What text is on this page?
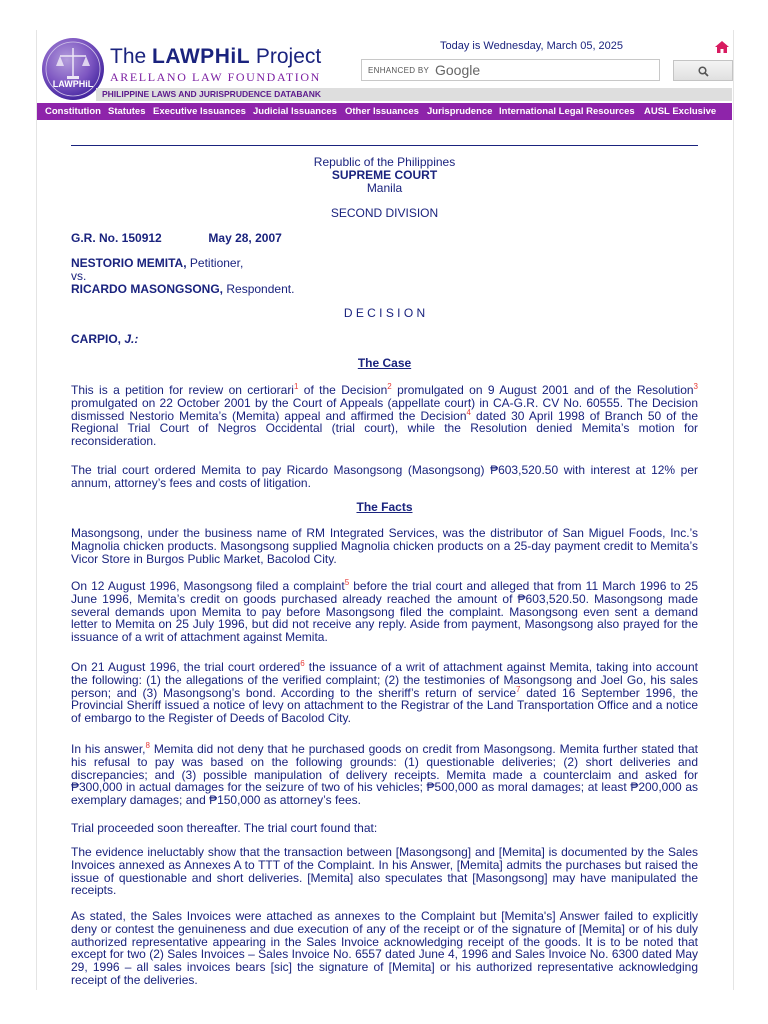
LAWPHiL
The LAWPHiL Project
ARELLANO LAW FOUNDATION
PHILIPPINE LAWS AND JURISPRUDENCE DATABANK
Today is Wednesday, March 05, 2025
ENHANCED BY Google
Constitution Statutes Executive Issuances Judicial Issuances Other Issuances Jurisprudence International Legal Resources AUSL Exclusive
Republic of the Philippines
SUPREME COURT
Manila
SECOND DIVISION
G.R. No. 150912	May 28, 2007
NESTORIO MEMITA, Petitioner,
vs.
RICARDO MASONGSONG, Respondent.
D E C I S I O N
CARPIO, J.:
The Case
This is a petition for review on certiorari$^1$ of the Decision$^2$ promulgated on 9 August 2001 and of the Resolution$^3$ promulgated on 22 October 2001 by the Court of Appeals (appellate court) in CA-G.R. CV No. 60555. The Decision dismissed Nestorio Memita’s (Memita) appeal and affirmed the Decision$^4$ dated 30 April 1998 of Branch 50 of the Regional Trial Court of Negros Occidental (trial court), while the Resolution denied Memita’s motion for reconsideration.
The trial court ordered Memita to pay Ricardo Masongsong (Masongsong) ₱603,520.50 with interest at 12% per annum, attorney’s fees and costs of litigation.
The Facts
Masongsong, under the business name of RM Integrated Services, was the distributor of San Miguel Foods, Inc.’s Magnolia chicken products. Masongsong supplied Magnolia chicken products on a 25-day payment credit to Memita’s Vicor Store in Burgos Public Market, Bacolod City.
On 12 August 1996, Masongsong filed a complaint$^5$ before the trial court and alleged that from 11 March 1996 to 25 June 1996, Memita’s credit on goods purchased already reached the amount of ₱603,520.50. Masongsong made several demands upon Memita to pay before Masongsong filed the complaint. Masongsong even sent a demand letter to Memita on 25 July 1996, but did not receive any reply. Aside from payment, Masongsong also prayed for the issuance of a writ of attachment against Memita.
On 21 August 1996, the trial court ordered$^6$ the issuance of a writ of attachment against Memita, taking into account the following: (1) the allegations of the verified complaint; (2) the testimonies of Masongsong and Joel Go, his sales person; and (3) Masongsong’s bond. According to the sheriff’s return of service$^7$ dated 16 September 1996, the Provincial Sheriff issued a notice of levy on attachment to the Registrar of the Land Transportation Office and a notice of embargo to the Register of Deeds of Bacolod City.
In his answer,$^8$ Memita did not deny that he purchased goods on credit from Masongsong. Memita further stated that his refusal to pay was based on the following grounds: (1) questionable deliveries; (2) short deliveries and discrepancies; and (3) possible manipulation of delivery receipts. Memita made a counterclaim and asked for ₱300,000 in actual damages for the seizure of two of his vehicles; ₱500,000 as moral damages; at least ₱200,000 as exemplary damages; and ₱150,000 as attorney’s fees.
Trial proceeded soon thereafter. The trial court found that:
The evidence ineluctably show that the transaction between [Masongsong] and [Memita] is documented by the Sales Invoices annexed as Annexes A to TTT of the Complaint. In his Answer, [Memita] admits the purchases but raised the issue of questionable and short deliveries. [Memita] also speculates that [Masongsong] may have manipulated the receipts.
As stated, the Sales Invoices were attached as annexes to the Complaint but [Memita's] Answer failed to explicitly deny or contest the genuineness and due execution of any of the receipt or of the signature of [Memita] or of his duly authorized representative appearing in the Sales Invoice acknowledging receipt of the goods. It is to be noted that except for two (2) Sales Invoices – Sales Invoice No. 6557 dated June 4, 1996 and Sales Invoice No. 6300 dated May 29, 1996 – all sales invoices bears [sic] the signature of [Memita] or his authorized representative acknowledging receipt of the deliveries.
